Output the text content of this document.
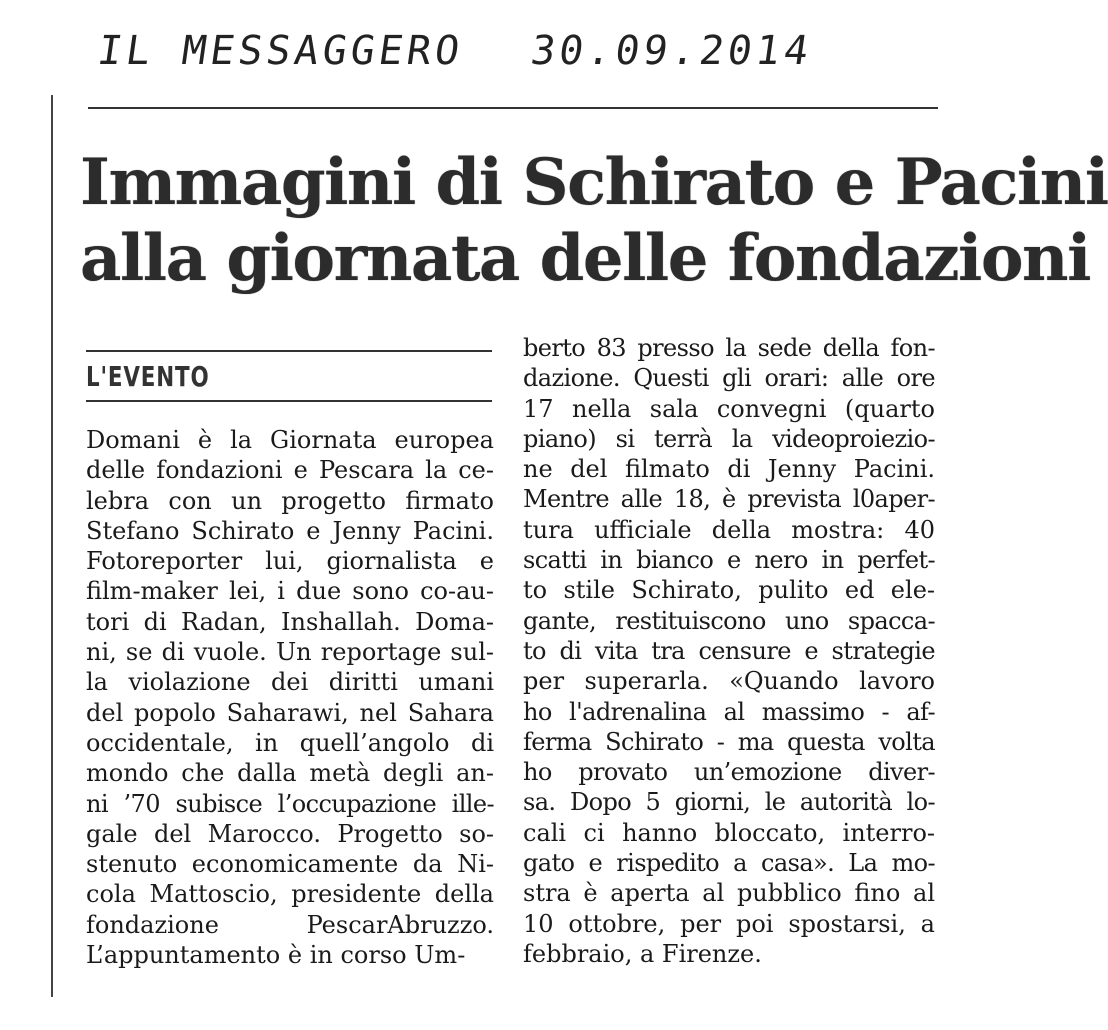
IL MESSAGGERO 30.09.2014
Immagini di Schirato e Pacini
alla giornata delle fondazioni
L'EVENTO
Domani è la Giornata europea
delle fondazioni e Pescara la ce-
lebra con un progetto firmato
Stefano Schirato e Jenny Pacini.
Fotoreporter lui, giornalista e
film-maker lei, i due sono co-au-
tori di Radan, Inshallah. Doma-
ni, se di vuole. Un reportage sul-
la violazione dei diritti umani
del popolo Saharawi, nel Sahara
occidentale, in quell’angolo di
mondo che dalla metà degli an-
ni ’70 subisce l’occupazione ille-
gale del Marocco. Progetto so-
stenuto economicamente da Ni-
cola Mattoscio, presidente della
fondazione PescarAbruzzo.
L’appuntamento è in corso Um-
berto 83 presso la sede della fon-
dazione. Questi gli orari: alle ore
17 nella sala convegni (quarto
piano) si terrà la videoproiezio-
ne del filmato di Jenny Pacini.
Mentre alle 18, è prevista l0aper-
tura ufficiale della mostra: 40
scatti in bianco e nero in perfet-
to stile Schirato, pulito ed ele-
gante, restituiscono uno spacca-
to di vita tra censure e strategie
per superarla. «Quando lavoro
ho l'adrenalina al massimo - af-
ferma Schirato - ma questa volta
ho provato un’emozione diver-
sa. Dopo 5 giorni, le autorità lo-
cali ci hanno bloccato, interro-
gato e rispedito a casa». La mo-
stra è aperta al pubblico fino al
10 ottobre, per poi spostarsi, a
febbraio, a Firenze.
